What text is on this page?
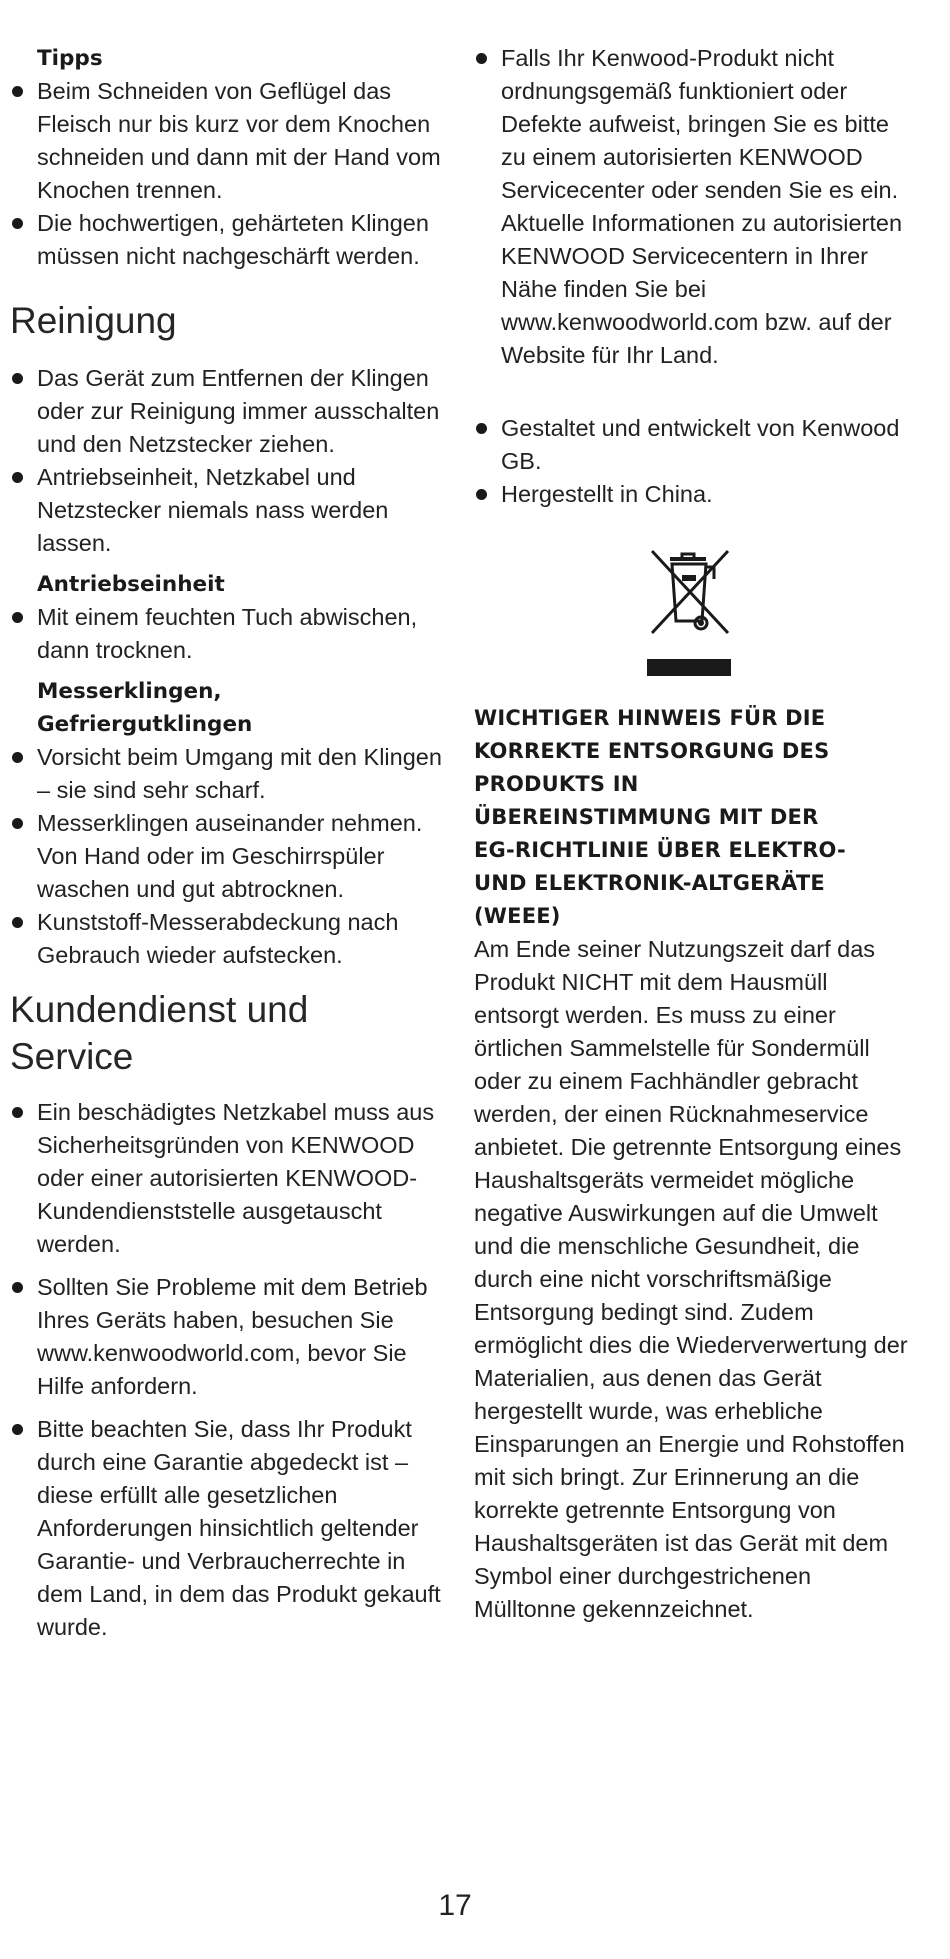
Tipps
Beim Schneiden von Geflügel das Fleisch nur bis kurz vor dem Knochen schneiden und dann mit der Hand vom Knochen trennen.
Die hochwertigen, gehärteten Klingen müssen nicht nachgeschärft werden.
Reinigung
Das Gerät zum Entfernen der Klingen oder zur Reinigung immer ausschalten und den Netzstecker ziehen.
Antriebseinheit, Netzkabel und Netzstecker niemals nass werden lassen.
Antriebseinheit
Mit einem feuchten Tuch abwischen, dann trocknen.
Messerklingen,
Gefriergutklingen
Vorsicht beim Umgang mit den Klingen – sie sind sehr scharf.
Messerklingen auseinander nehmen. Von Hand oder im Geschirrspüler waschen und gut abtrocknen.
Kunststoff-Messerabdeckung nach Gebrauch wieder aufstecken.
Kundendienst und
Service
Ein beschädigtes Netzkabel muss aus Sicherheitsgründen von KENWOOD oder einer autorisierten KENWOOD-Kundendienststelle ausgetauscht werden.
Sollten Sie Probleme mit dem Betrieb Ihres Geräts haben, besuchen Sie www.kenwoodworld.com, bevor Sie Hilfe anfordern.
Bitte beachten Sie, dass Ihr Produkt durch eine Garantie abgedeckt ist – diese erfüllt alle gesetzlichen Anforderungen hinsichtlich geltender Garantie- und Verbraucherrechte in dem Land, in dem das Produkt gekauft wurde.
Falls Ihr Kenwood-Produkt nicht ordnungsgemäß funktioniert oder Defekte aufweist, bringen Sie es bitte zu einem autorisierten KENWOOD Servicecenter oder senden Sie es ein. Aktuelle Informationen zu autorisierten KENWOOD Servicecentern in Ihrer Nähe finden Sie bei www.kenwoodworld.com bzw. auf der Website für Ihr Land.
Gestaltet und entwickelt von Kenwood GB.
Hergestellt in China.
WICHTIGER HINWEIS FÜR DIE
KORREKTE ENTSORGUNG DES
PRODUKTS IN
ÜBEREINSTIMMUNG MIT DER
EG-RICHTLINIE ÜBER ELEKTRO-
UND ELEKTRONIK-ALTGERÄTE
(WEEE)

Am Ende seiner Nutzungszeit darf das Produkt NICHT mit dem Hausmüll entsorgt werden. Es muss zu einer örtlichen Sammelstelle für Sondermüll oder zu einem Fachhändler gebracht werden, der einen Rücknahmeservice anbietet. Die getrennte Entsorgung eines Haushaltsgeräts vermeidet mögliche negative Auswirkungen auf die Umwelt und die menschliche Gesundheit, die durch eine nicht vorschriftsmäßige Entsorgung bedingt sind. Zudem ermöglicht dies die Wiederverwertung der Materialien, aus denen das Gerät hergestellt wurde, was erhebliche Einsparungen an Energie und Rohstoffen mit sich bringt. Zur Erinnerung an die korrekte getrennte Entsorgung von Haushaltsgeräten ist das Gerät mit dem Symbol einer durchgestrichenen Mülltonne gekennzeichnet.

17
